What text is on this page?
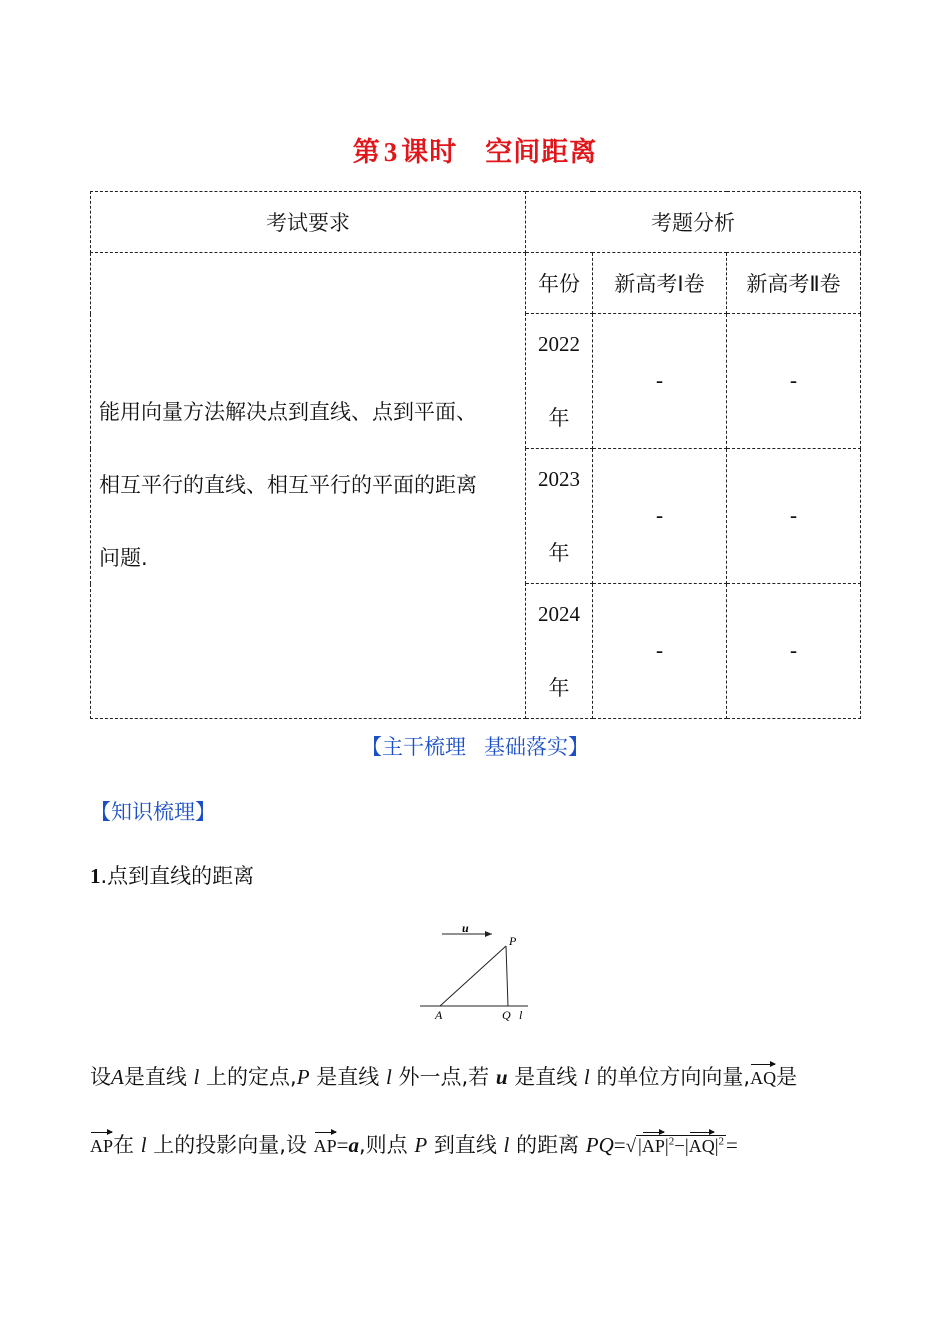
第 3 课时 空间距离
考试要求	考题分析		

能用向量方法解决点到直线、点到平面、
相互平行的直线、相互平行的平面的距离
问题.	年份	新高考Ⅰ卷	新高考Ⅱ卷

	2022
年	-	-

	2023
年	-	-

	2024
年	-	-
【主干梳理 基础落实】
【知识梳理】
1.点到直线的距离
u
P
A	Q l
设A是直线 l 上的定点,P 是直线 l 外一点,若 u 是直线 l 的单位方向向量,AQ是
AP在 l 上的投影向量,设 AP=a,则点 P 到直线 l 的距离 PQ=√ $|AP|^2-|AQ|^2=$
